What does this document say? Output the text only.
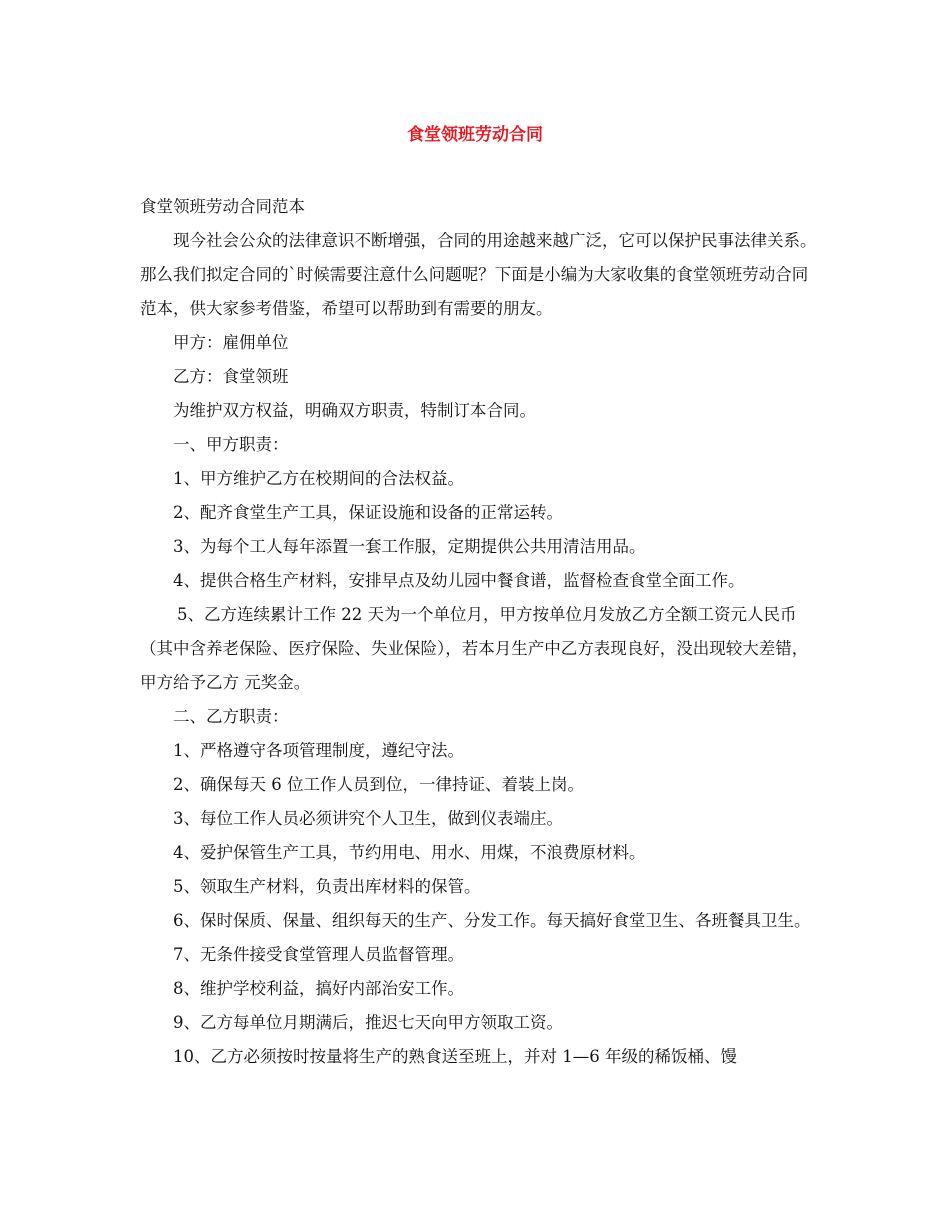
食堂领班劳动合同

食堂领班劳动合同范本

现今社会公众的法律意识不断增强，合同的用途越来越广泛，它可以保护民事法律关系。那么我们拟定合同的`时候需要注意什么问题呢？下面是小编为大家收集的食堂领班劳动合同范本，供大家参考借鉴，希望可以帮助到有需要的朋友。

甲方：雇佣单位

乙方：食堂领班

为维护双方权益，明确双方职责，特制订本合同。

一、甲方职责：

1、甲方维护乙方在校期间的合法权益。

2、配齐食堂生产工具，保证设施和设备的正常运转。

3、为每个工人每年添置一套工作服，定期提供公共用清洁用品。

4、提供合格生产材料，安排早点及幼儿园中餐食谱，监督检查食堂全面工作。

5、乙方连续累计工作 22 天为一个单位月，甲方按单位月发放乙方全额工资元人民币（其中含养老保险、医疗保险、失业保险），若本月生产中乙方表现良好，没出现较大差错，甲方给予乙方 元奖金。

二、乙方职责：

1、严格遵守各项管理制度，遵纪守法。

2、确保每天 6 位工作人员到位，一律持证、着装上岗。

3、每位工作人员必须讲究个人卫生，做到仪表端庄。

4、爱护保管生产工具，节约用电、用水、用煤，不浪费原材料。

5、领取生产材料，负责出库材料的保管。

6、保时保质、保量、组织每天的生产、分发工作。每天搞好食堂卫生、各班餐具卫生。

7、无条件接受食堂管理人员监督管理。

8、维护学校利益，搞好内部治安工作。

9、乙方每单位月期满后，推迟七天向甲方领取工资。

10、乙方必须按时按量将生产的熟食送至班上，并对 1—6 年级的稀饭桶、馒
